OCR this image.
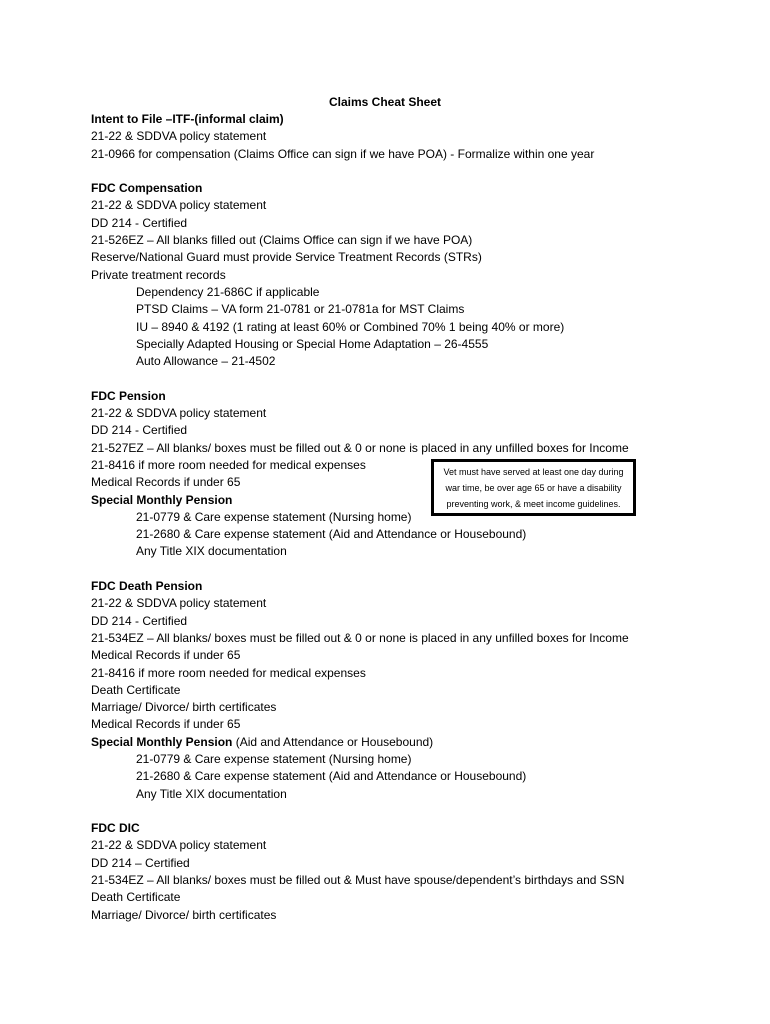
Claims Cheat Sheet
Intent to File –ITF-(informal claim)
21-22 & SDDVA policy statement
21-0966 for compensation (Claims Office can sign if we have POA) - Formalize within one year
FDC Compensation
21-22 & SDDVA policy statement
DD 214 - Certified
21-526EZ – All blanks filled out (Claims Office can sign if we have POA)
Reserve/National Guard must provide Service Treatment Records (STRs)
Private treatment records
Dependency 21-686C if applicable
PTSD Claims – VA form 21-0781 or 21-0781a for MST Claims
IU – 8940 & 4192 (1 rating at least 60% or Combined 70% 1 being 40% or more)
Specially Adapted Housing or Special Home Adaptation – 26-4555
Auto Allowance – 21-4502
FDC Pension
21-22 & SDDVA policy statement
DD 214 - Certified
21-527EZ – All blanks/ boxes must be filled out & 0 or none is placed in any unfilled boxes for Income
21-8416 if more room needed for medical expenses
Medical Records if under 65
Special Monthly Pension
21-0779 & Care expense statement (Nursing home)
21-2680 & Care expense statement (Aid and Attendance or Housebound)
Any Title XIX documentation
FDC Death Pension
21-22 & SDDVA policy statement
DD 214 - Certified
21-534EZ – All blanks/ boxes must be filled out & 0 or none is placed in any unfilled boxes for Income
Medical Records if under 65
21-8416 if more room needed for medical expenses
Death Certificate
Marriage/ Divorce/ birth certificates
Medical Records if under 65
Special Monthly Pension (Aid and Attendance or Housebound)
21-0779 & Care expense statement (Nursing home)
21-2680 & Care expense statement (Aid and Attendance or Housebound)
Any Title XIX documentation
FDC DIC
21-22 & SDDVA policy statement
DD 214 – Certified
21-534EZ – All blanks/ boxes must be filled out & Must have spouse/dependent’s birthdays and SSN
Death Certificate
Marriage/ Divorce/ birth certificates
Vet must have served at least one day during war time, be over age 65 or have a disability preventing work, & meet income guidelines.
